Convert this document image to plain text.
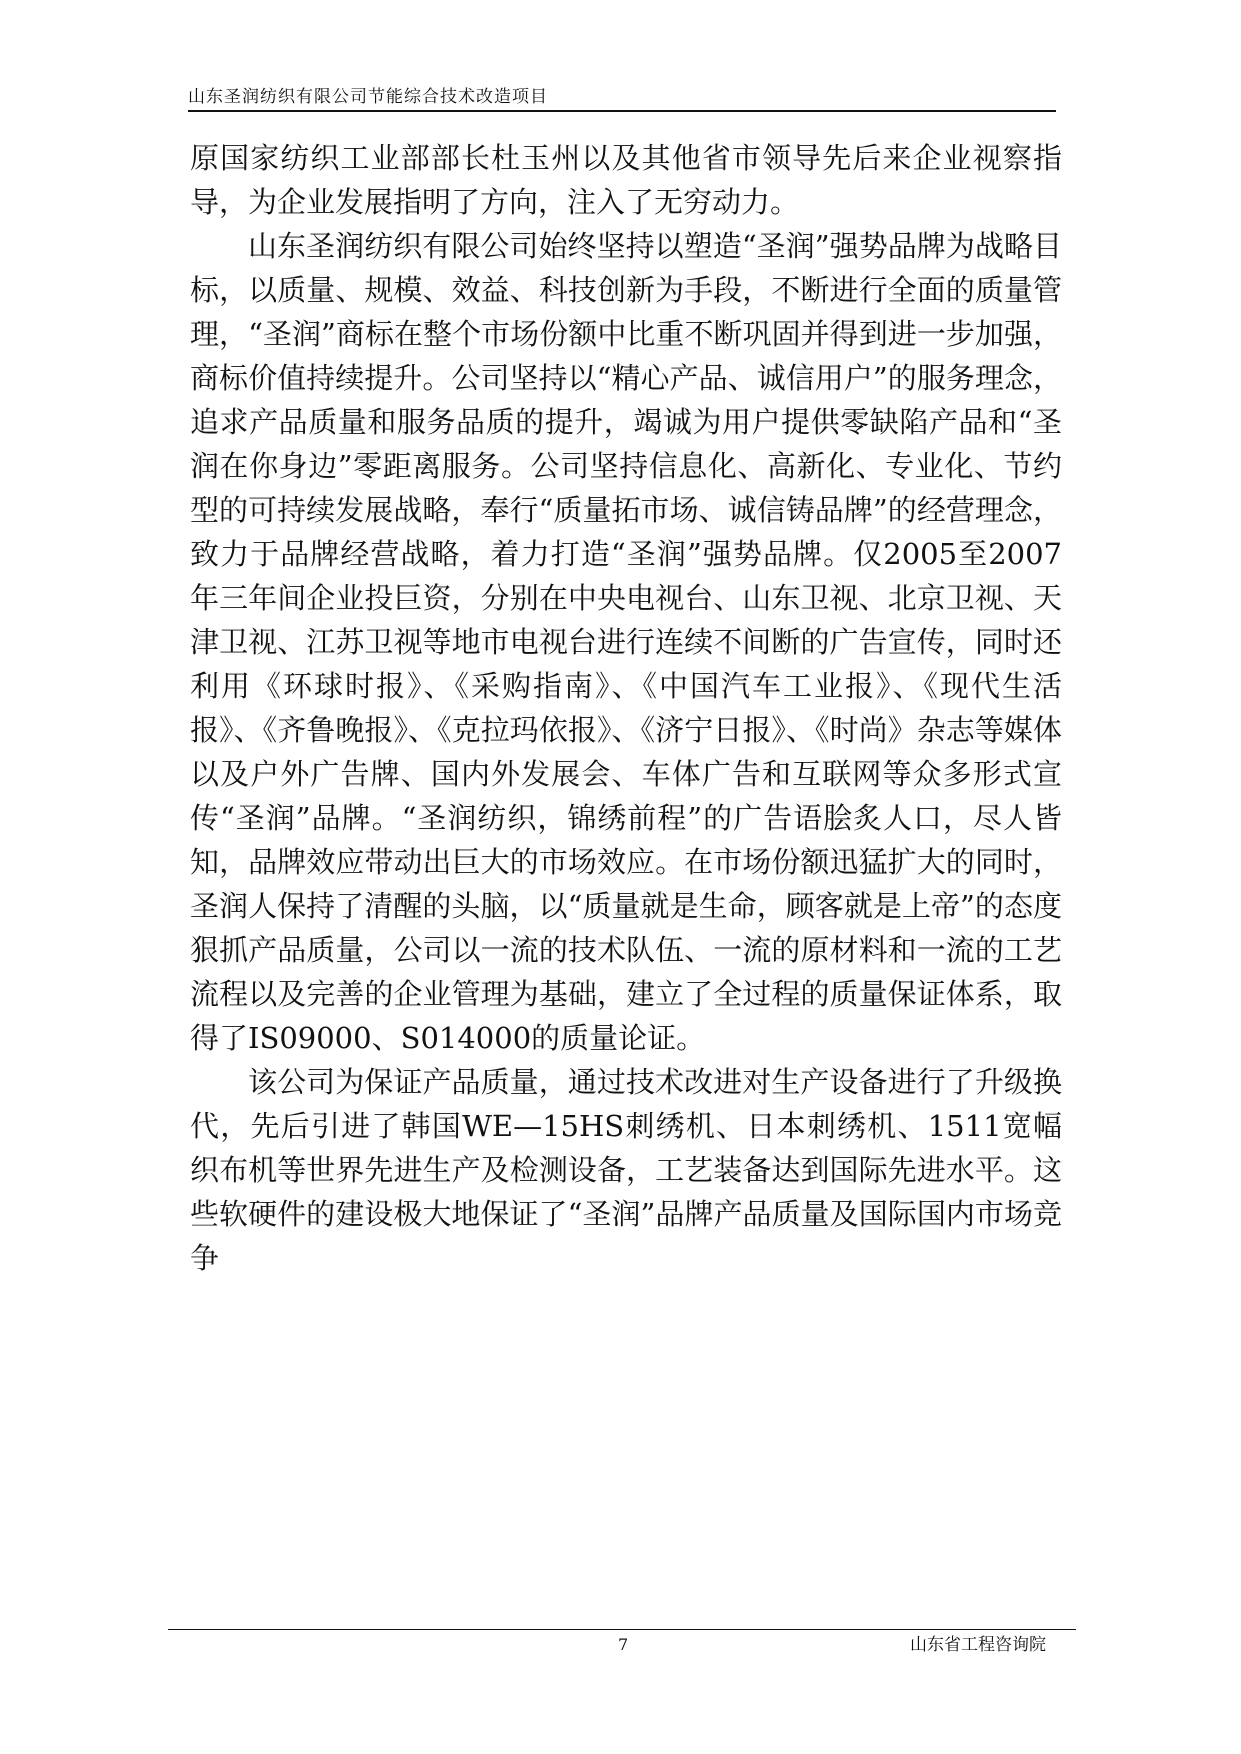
山东圣润纺织有限公司节能综合技术改造项目

原国家纺织工业部部长杜玉州以及其他省市领导先后来企业视察指导，为企业发展指明了方向，注入了无穷动力。

山东圣润纺织有限公司始终坚持以塑造“圣润”强势品牌为战略目标，以质量、规模、效益、科技创新为手段，不断进行全面的质量管理，“圣润”商标在整个市场份额中比重不断巩固并得到进一步加强，商标价值持续提升。公司坚持以“精心产品、诚信用户”的服务理念，追求产品质量和服务品质的提升，竭诚为用户提供零缺陷产品和“圣润在你身边”零距离服务。公司坚持信息化、高新化、专业化、节约型的可持续发展战略，奉行“质量拓市场、诚信铸品牌”的经营理念，致力于品牌经营战略，着力打造“圣润”强势品牌。仅2005至2007年三年间企业投巨资，分别在中央电视台、山东卫视、北京卫视、天津卫视、江苏卫视等地市电视台进行连续不间断的广告宣传，同时还利用《环球时报》、《采购指南》、《中国汽车工业报》、《现代生活报》、《齐鲁晚报》、《克拉玛依报》、《济宁日报》、《时尚》杂志等媒体以及户外广告牌、国内外发展会、车体广告和互联网等众多形式宣传“圣润”品牌。“圣润纺织，锦绣前程”的广告语脍炙人口，尽人皆知，品牌效应带动出巨大的市场效应。在市场份额迅猛扩大的同时，圣润人保持了清醒的头脑，以“质量就是生命，顾客就是上帝”的态度狠抓产品质量，公司以一流的技术队伍、一流的原材料和一流的工艺流程以及完善的企业管理为基础，建立了全过程的质量保证体系，取得了IS09000、S014000的质量论证。

该公司为保证产品质量，通过技术改进对生产设备进行了升级换代，先后引进了韩国WE—15HS刺绣机、日本刺绣机、1511宽幅织布机等世界先进生产及检测设备，工艺装备达到国际先进水平。这些软硬件的建设极大地保证了“圣润”品牌产品质量及国际国内市场竞争

7	山东省工程咨询院
